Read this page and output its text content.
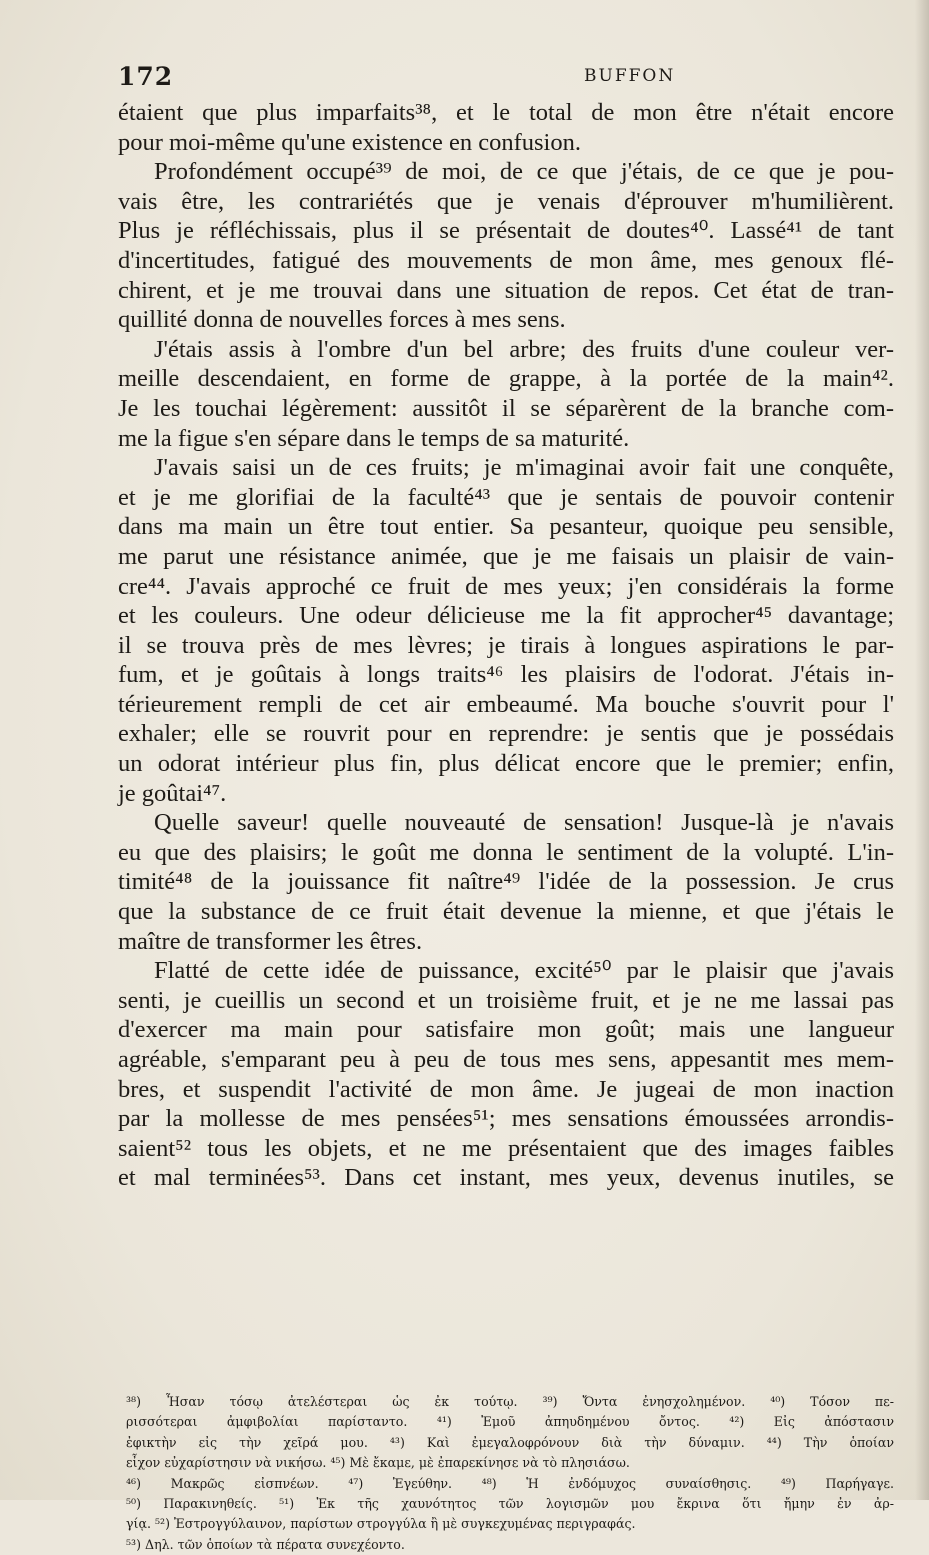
172	BUFFON
étaient que plus imparfaits³⁸, et le total de mon être n'était encore
pour moi-même qu'une existence en confusion.
Profondément occupé³⁹ de moi, de ce que j'étais, de ce que je pou-
vais être, les contrariétés que je venais d'éprouver m'humilièrent.
Plus je réfléchissais, plus il se présentait de doutes⁴⁰. Lassé⁴¹ de tant
d'incertitudes, fatigué des mouvements de mon âme, mes genoux flé-
chirent, et je me trouvai dans une situation de repos. Cet état de tran-
quillité donna de nouvelles forces à mes sens.
J'étais assis à l'ombre d'un bel arbre; des fruits d'une couleur ver-
meille descendaient, en forme de grappe, à la portée de la main⁴².
Je les touchai légèrement: aussitôt il se séparèrent de la branche com-
me la figue s'en sépare dans le temps de sa maturité.
J'avais saisi un de ces fruits; je m'imaginai avoir fait une conquête,
et je me glorifiai de la faculté⁴³ que je sentais de pouvoir contenir
dans ma main un être tout entier. Sa pesanteur, quoique peu sensible,
me parut une résistance animée, que je me faisais un plaisir de vain-
cre⁴⁴. J'avais approché ce fruit de mes yeux; j'en considérais la forme
et les couleurs. Une odeur délicieuse me la fit approcher⁴⁵ davantage;
il se trouva près de mes lèvres; je tirais à longues aspirations le par-
fum, et je goûtais à longs traits⁴⁶ les plaisirs de l'odorat. J'étais in-
térieurement rempli de cet air embeaumé. Ma bouche s'ouvrit pour l'
exhaler; elle se rouvrit pour en reprendre: je sentis que je possédais
un odorat intérieur plus fin, plus délicat encore que le premier; enfin,
je goûtai⁴⁷.
Quelle saveur! quelle nouveauté de sensation! Jusque-là je n'avais
eu que des plaisirs; le goût me donna le sentiment de la volupté. L'in-
timité⁴⁸ de la jouissance fit naître⁴⁹ l'idée de la possession. Je crus
que la substance de ce fruit était devenue la mienne, et que j'étais le
maître de transformer les êtres.
Flatté de cette idée de puissance, excité⁵⁰ par le plaisir que j'avais
senti, je cueillis un second et un troisième fruit, et je ne me lassai pas
d'exercer ma main pour satisfaire mon goût; mais une langueur
agréable, s'emparant peu à peu de tous mes sens, appesantit mes mem-
bres, et suspendit l'activité de mon âme. Je jugeai de mon inaction
par la mollesse de mes pensées⁵¹; mes sensations émoussées arrondis-
saient⁵² tous les objets, et ne me présentaient que des images faibles
et mal terminées⁵³. Dans cet instant, mes yeux, devenus inutiles, se
³⁸) Ἦσαν τόσῳ ἀτελέστεραι ὡς ἐκ τούτῳ. ³⁹) Ὄντα ἐνησχολημένον. ⁴⁰) Τόσον πε-
ρισσότεραι ἀμφιβολίαι παρίσταντο. ⁴¹) Ἐμοῦ ἀπηυδημένου ὄντος. ⁴²) Εἰς ἀπόστασιν
ἐφικτὴν εἰς τὴν χεῖρά μου. ⁴³) Καὶ ἐμεγαλοφρόνουν διὰ τὴν δύναμιν. ⁴⁴) Τὴν ὁποίαν
εἶχον εὐχαρίστησιν νὰ νικήσω. ⁴⁵) Μὲ ἔκαμε, μὲ ἐπαρεκίνησε νὰ τὸ πλησιάσω.
⁴⁶) Μακρῶς εἰσπνέων. ⁴⁷) Ἐγεύθην. ⁴⁸) Ἡ ἐνδόμυχος συναίσθησις. ⁴⁹) Παρήγαγε.
⁵⁰) Παρακινηθείς. ⁵¹) Ἐκ τῆς χαυνότητος τῶν λογισμῶν μου ἔκρινα ὅτι ἤμην ἐν ἀρ-
γίᾳ. ⁵²) Ἐστρογγύλαινον, παρίστων στρογγύλα ἢ μὲ συγκεχυμένας περιγραφάς.
⁵³) Δηλ. τῶν ὁποίων τὰ πέρατα συνεχέοντο.
